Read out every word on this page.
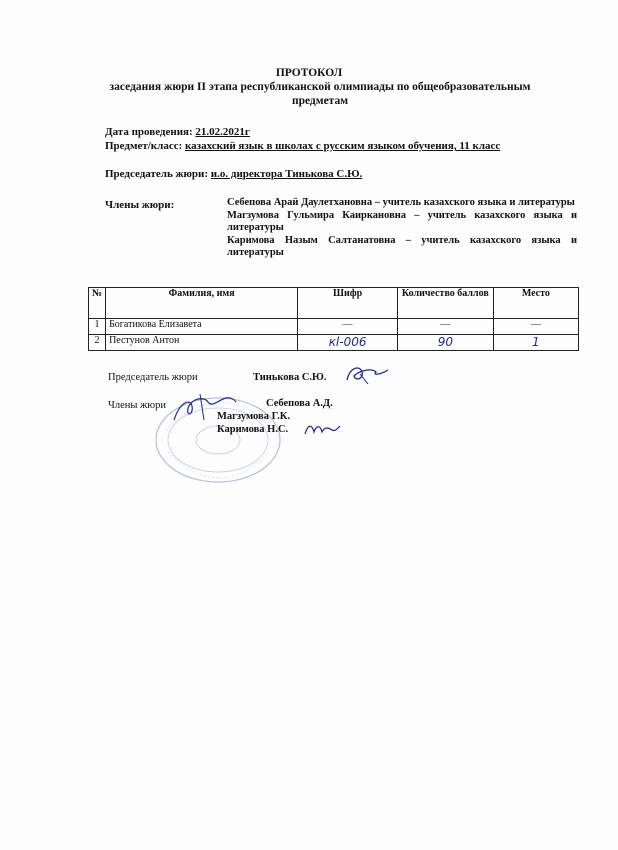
ПРОТОКОЛ
заседания жюри II этапа республиканской олимпиады по общеобразовательным предметам
Дата проведения: 21.02.2021г
Предмет/класс: казахский язык в школах с русским языком обучения, 11 класс
Председатель жюри: и.о. директора Тинькова С.Ю.
Члены жюри:	Себепова Арай Даулетхановна – учитель казахского языка и литературы
Магзумова Гульмира Каиркановна – учитель казахского языка и литературы
Каримова Назым Салтанатовна – учитель казахского языка и литературы
№	Фамилия, имя	Шифр	Количество баллов	Место
1	Богатикова Елизавета	—	—	—
2	Пестунов Антон	кl-006	90	1
Председатель жюри	Тинькова С.Ю.
Члены жюри	Себепова А.Д.
Магзумова Г.К.
Каримова Н.С.
